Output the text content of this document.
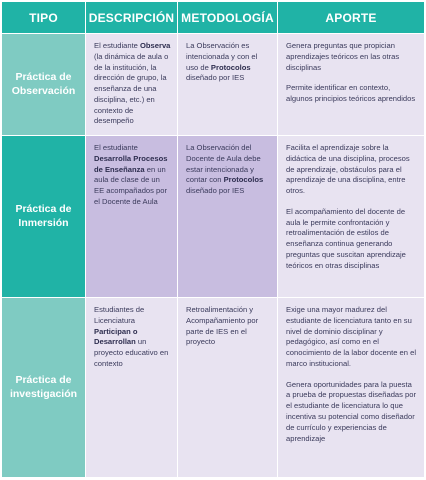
TIPO	DESCRIPCIÓN METODOLOGÍA	APORTE
Práctica de Observación
El estudiante Observa (la dinámica de aula o de la institución, la dirección de grupo, la enseñanza de una disciplina, etc.) en contexto de desempeño
La Observación es intencionada y con el uso de Protocolos diseñado por IES

Genera preguntas que propician aprendizajes teóricos en las otras disciplinas

Permite identificar en contexto, algunos principios teóricos aprendidos

Práctica de Inmersión
El estudiante Desarrolla Procesos de Enseñanza en un aula de clase de un EE acompañados por el Docente de Aula
La Observación del Docente de Aula debe estar intencionada y contar con Protocolos diseñado por IES

Facilita el aprendizaje sobre la didáctica de una disciplina, procesos de aprendizaje, obstáculos para el aprendizaje de una disciplina, entre otros.

El acompañamiento del docente de aula le permite confrontación y retroalimentación de estilos de enseñanza continua generando preguntas que suscitan aprendizaje teóricos en otras disciplinas

Práctica de investigación
Estudiantes de Licenciatura Participan o Desarrollan un proyecto educativo en contexto
Retroalimentación y Acompañamiento por parte de IES en el proyecto

Exige una mayor madurez del estudiante de licenciatura tanto en su nivel de dominio disciplinar y pedagógico, así como en el conocimiento de la labor docente en el marco institucional.

Genera oportunidades para la puesta a prueba de propuestas diseñadas por el estudiante de licenciatura lo que incentiva su potencial como diseñador de currículo y experiencias de aprendizaje
